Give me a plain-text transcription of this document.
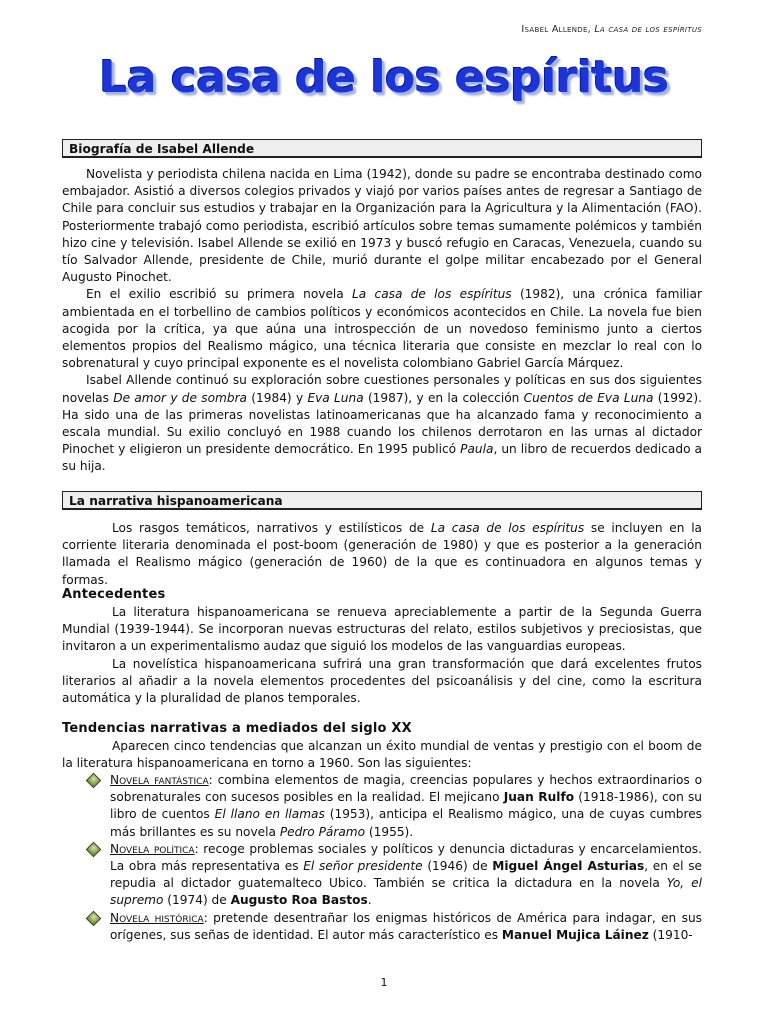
Isabel Allende, La casa de los espíritus
La casa de los espíritus
Biografía de Isabel Allende

Novelista y periodista chilena nacida en Lima (1942), donde su padre se encontraba destinado como embajador. Asistió a diversos colegios privados y viajó por varios países antes de regresar a Santiago de Chile para concluir sus estudios y trabajar en la Organización para la Agricultura y la Alimentación (FAO). Posteriormente trabajó como periodista, escribió artículos sobre temas sumamente polémicos y también hizo cine y televisión. Isabel Allende se exilió en 1973 y buscó refugio en Caracas, Venezuela, cuando su tío Salvador Allende, presidente de Chile, murió durante el golpe militar encabezado por el General Augusto Pinochet.

En el exilio escribió su primera novela La casa de los espíritus (1982), una crónica familiar ambientada en el torbellino de cambios políticos y económicos acontecidos en Chile. La novela fue bien acogida por la crítica, ya que aúna una introspección de un novedoso feminismo junto a ciertos elementos propios del Realismo mágico, una técnica literaria que consiste en mezclar lo real con lo sobrenatural y cuyo principal exponente es el novelista colombiano Gabriel García Márquez.

Isabel Allende continuó su exploración sobre cuestiones personales y políticas en sus dos siguientes novelas De amor y de sombra (1984) y Eva Luna (1987), y en la colección Cuentos de Eva Luna (1992). Ha sido una de las primeras novelistas latinoamericanas que ha alcanzado fama y reconocimiento a escala mundial. Su exilio concluyó en 1988 cuando los chilenos derrotaron en las urnas al dictador Pinochet y eligieron un presidente democrático. En 1995 publicó Paula, un libro de recuerdos dedicado a su hija.

La narrativa hispanoamericana

Los rasgos temáticos, narrativos y estilísticos de La casa de los espíritus se incluyen en la corriente literaria denominada el post-boom (generación de 1980) y que es posterior a la generación llamada el Realismo mágico (generación de 1960) de la que es continuadora en algunos temas y formas.

Antecedentes

La literatura hispanoamericana se renueva apreciablemente a partir de la Segunda Guerra Mundial (1939-1944). Se incorporan nuevas estructuras del relato, estilos subjetivos y preciosistas, que invitaron a un experimentalismo audaz que siguió los modelos de las vanguardias europeas.

La novelística hispanoamericana sufrirá una gran transformación que dará excelentes frutos literarios al añadir a la novela elementos procedentes del psicoanálisis y del cine, como la escritura automática y la pluralidad de planos temporales.

Tendencias narrativas a mediados del siglo XX

Aparecen cinco tendencias que alcanzan un éxito mundial de ventas y prestigio con el boom de la literatura hispanoamericana en torno a 1960. Son las siguientes:

Novela fantástica: combina elementos de magia, creencias populares y hechos extraordinarios o sobrenaturales con sucesos posibles en la realidad. El mejicano Juan Rulfo (1918-1986), con su libro de cuentos El llano en llamas (1953), anticipa el Realismo mágico, una de cuyas cumbres más brillantes es su novela Pedro Páramo (1955).
Novela política: recoge problemas sociales y políticos y denuncia dictaduras y encarcelamientos. La obra más representativa es El señor presidente (1946) de Miguel Ángel Asturias, en el se repudia al dictador guatemalteco Ubico. También se critica la dictadura en la novela Yo, el supremo (1974) de Augusto Roa Bastos.
Novela histórica: pretende desentrañar los enigmas históricos de América para indagar, en sus orígenes, sus señas de identidad. El autor más característico es Manuel Mujica Láinez (1910-
1
